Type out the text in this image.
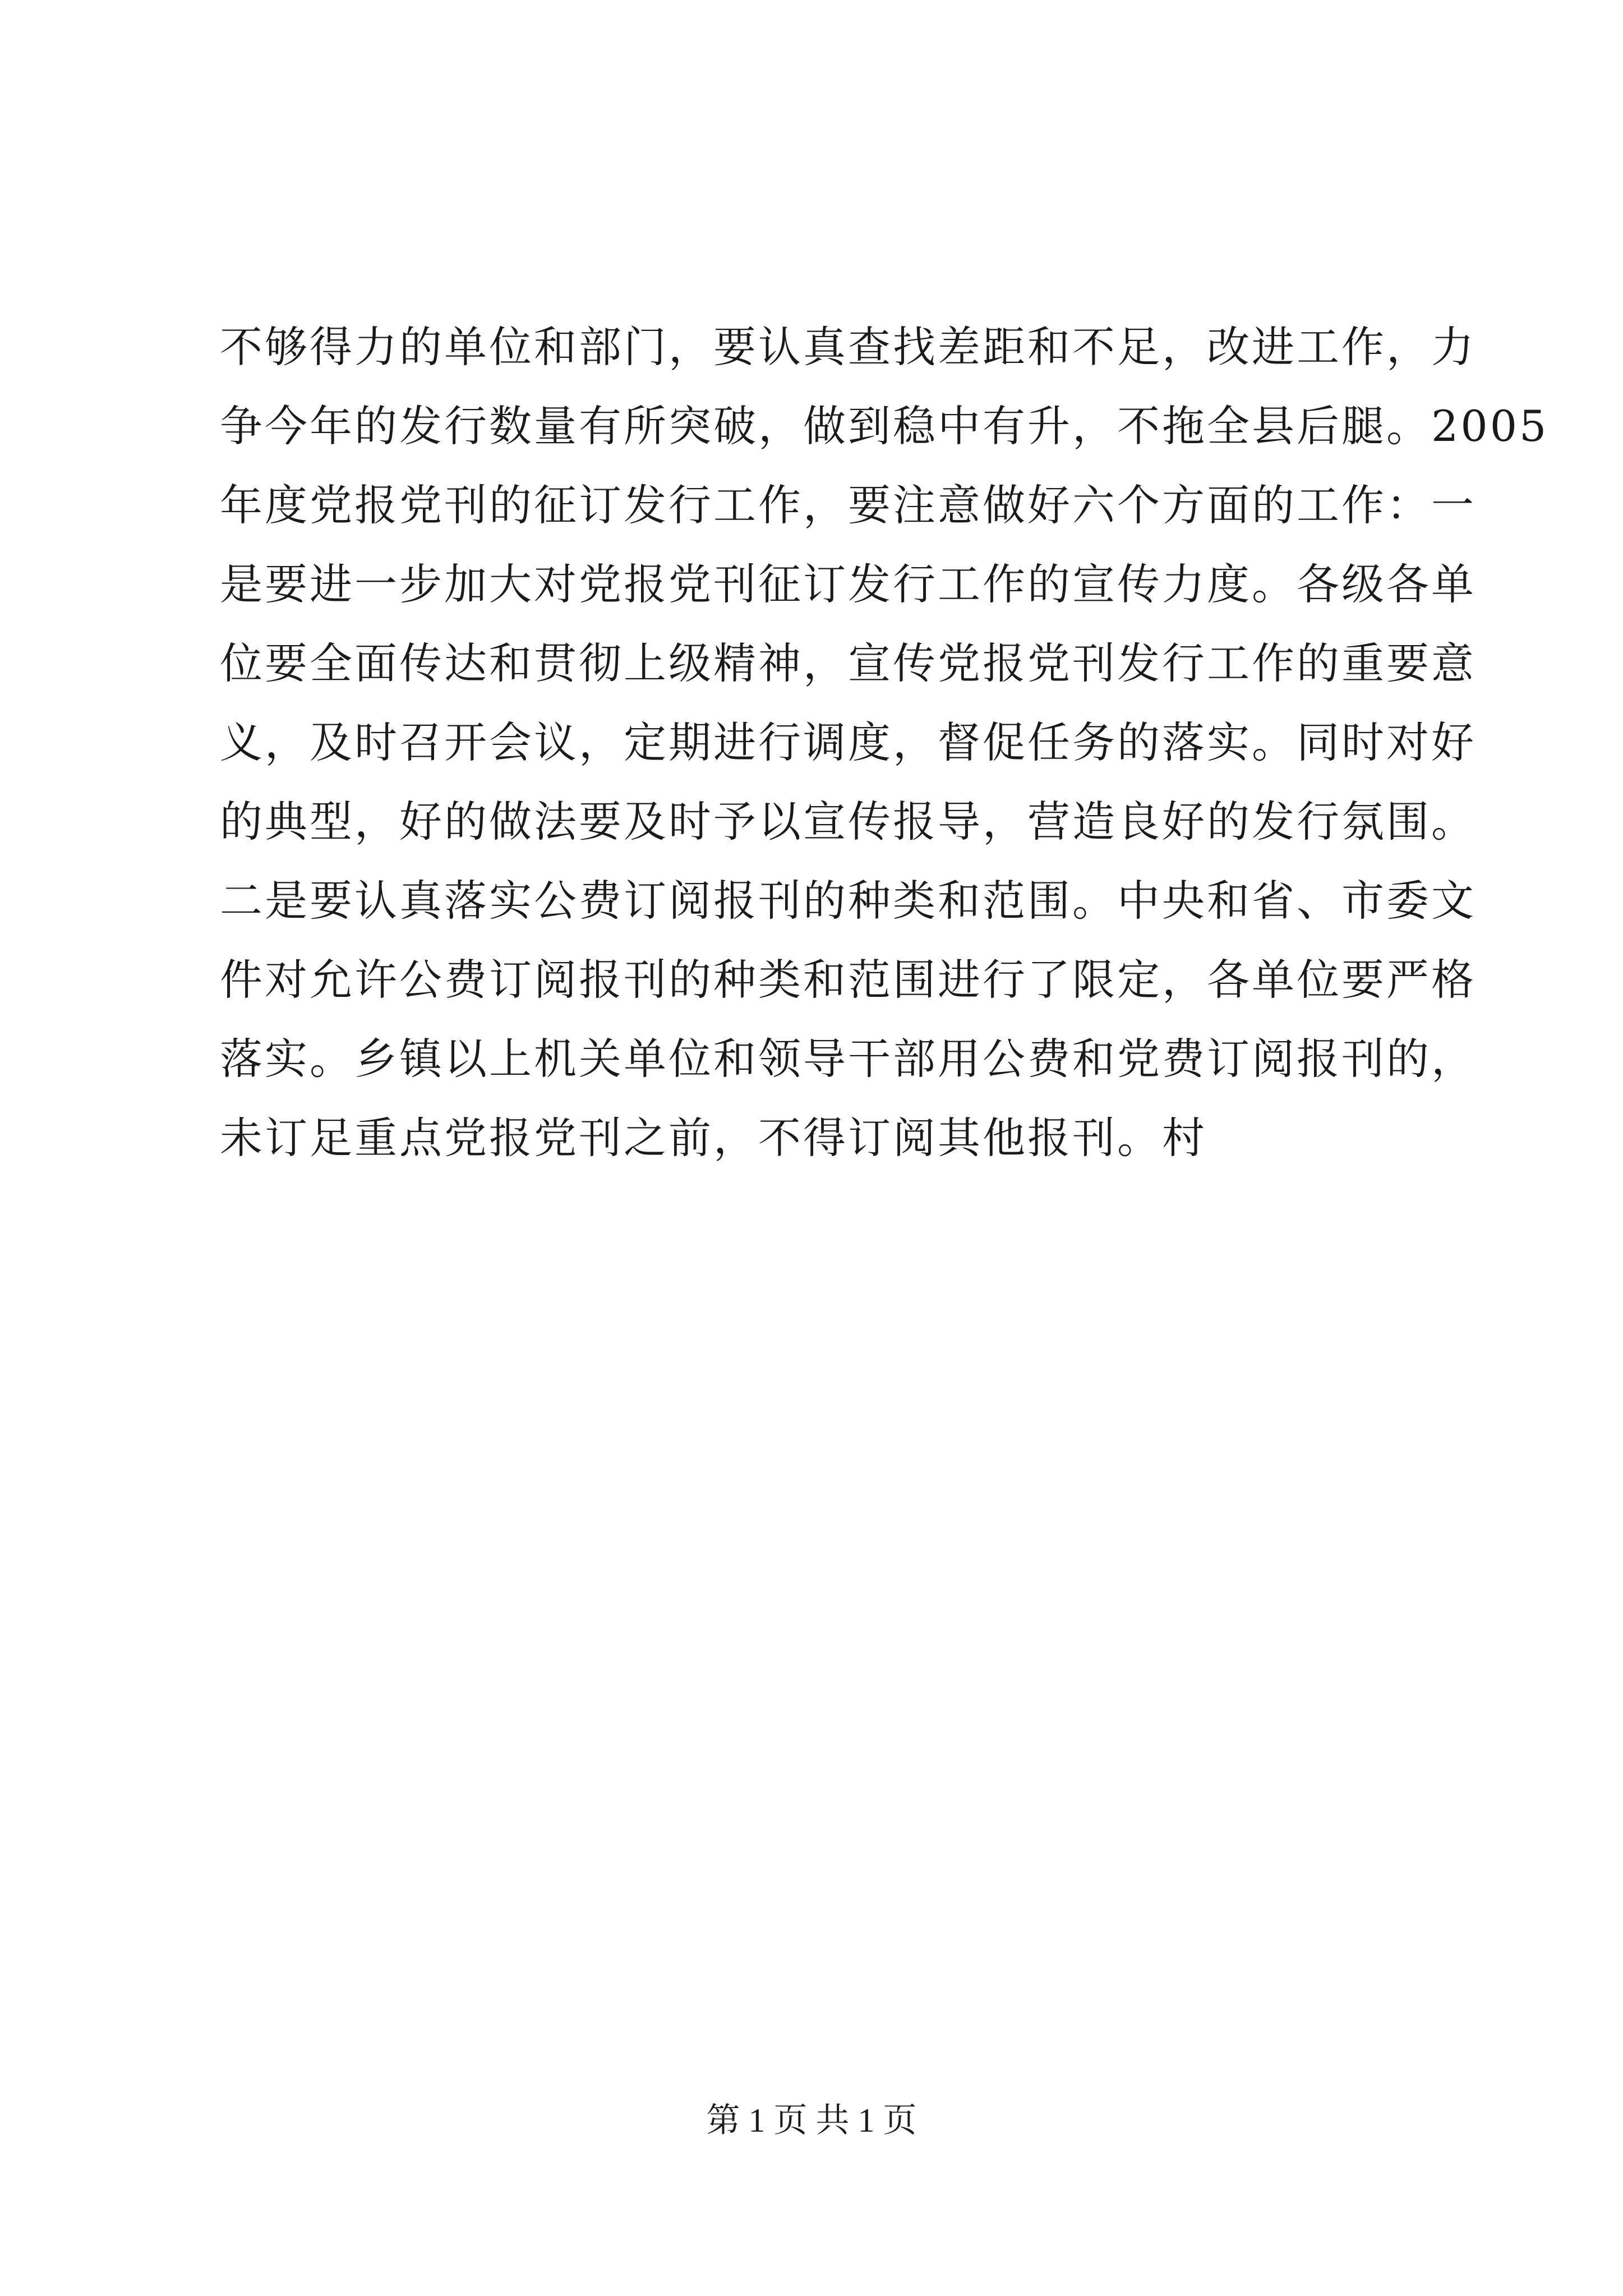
不够得力的单位和部门，要认真查找差距和不足，改进工作，力
争今年的发行数量有所突破，做到稳中有升，不拖全县后腿。2005
年度党报党刊的征订发行工作，要注意做好六个方面的工作：一
是要进一步加大对党报党刊征订发行工作的宣传力度。各级各单
位要全面传达和贯彻上级精神，宣传党报党刊发行工作的重要意
义，及时召开会议，定期进行调度，督促任务的落实。同时对好
的典型，好的做法要及时予以宣传报导，营造良好的发行氛围。
二是要认真落实公费订阅报刊的种类和范围。中央和省、市委文
件对允许公费订阅报刊的种类和范围进行了限定，各单位要严格
落实。乡镇以上机关单位和领导干部用公费和党费订阅报刊的，
未订足重点党报党刊之前，不得订阅其他报刊。村
第 1 页 共 1 页
